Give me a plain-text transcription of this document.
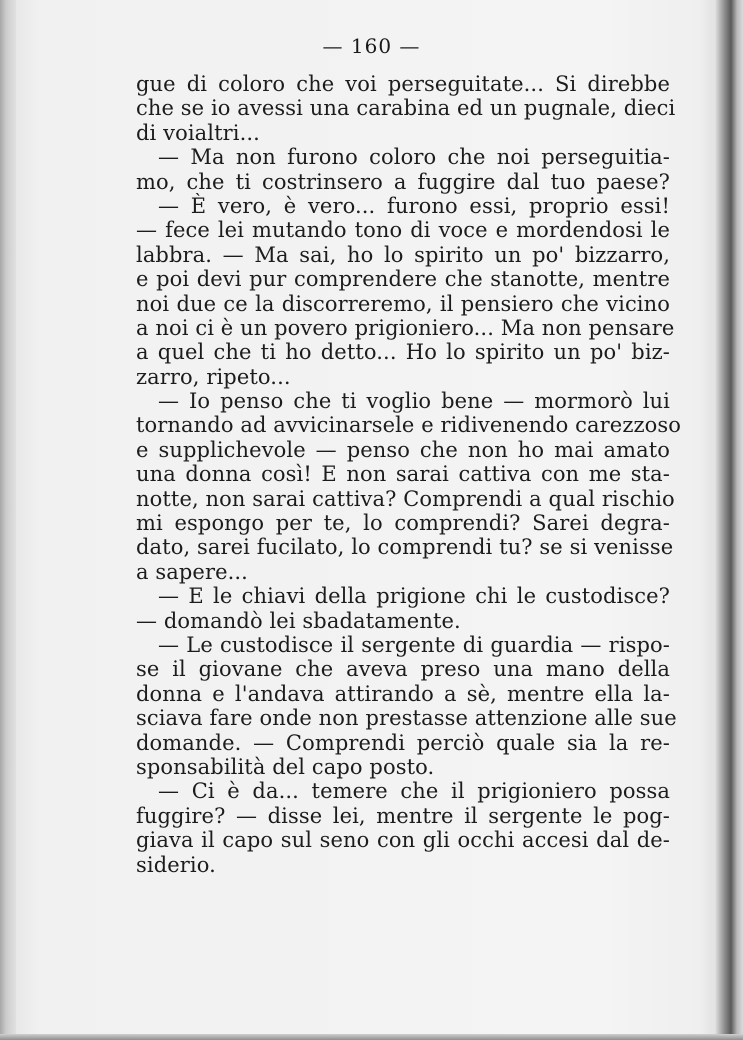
— 160 —
gue di coloro che voi perseguitate... Si direbbe
che se io avessi una carabina ed un pugnale, dieci
di voialtri...
— Ma non furono coloro che noi perseguitia-
mo, che ti costrinsero a fuggire dal tuo paese?
— È vero, è vero... furono essi, proprio essi!
— fece lei mutando tono di voce e mordendosi le
labbra. — Ma sai, ho lo spirito un po' bizzarro,
e poi devi pur comprendere che stanotte, mentre
noi due ce la discorreremo, il pensiero che vicino
a noi ci è un povero prigioniero... Ma non pensare
a quel che ti ho detto... Ho lo spirito un po' biz-
zarro, ripeto...
— Io penso che ti voglio bene — mormorò lui
tornando ad avvicinarsele e ridivenendo carezzoso
e supplichevole — penso che non ho mai amato
una donna così! E non sarai cattiva con me sta-
notte, non sarai cattiva? Comprendi a qual rischio
mi espongo per te, lo comprendi? Sarei degra-
dato, sarei fucilato, lo comprendi tu? se si venisse
a sapere...
— E le chiavi della prigione chi le custodisce?
— domandò lei sbadatamente.
— Le custodisce il sergente di guardia — rispo-
se il giovane che aveva preso una mano della
donna e l'andava attirando a sè, mentre ella la-
sciava fare onde non prestasse attenzione alle sue
domande. — Comprendi perciò quale sia la re-
sponsabilità del capo posto.
— Ci è da... temere che il prigioniero possa
fuggire? — disse lei, mentre il sergente le pog-
giava il capo sul seno con gli occhi accesi dal de-
siderio.
